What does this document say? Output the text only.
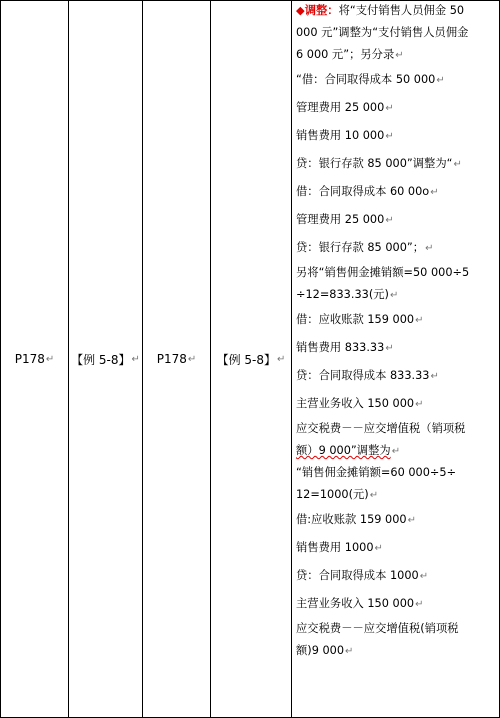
P178 ↵ 【例 5-8】 ↵ P178 ↵ 【例 5-8】 ↵
◆调整：将“支付销售人员佣金 50
000 元”调整为“支付销售人员佣金
6 000 元”；另分录↵
“借：合同取得成本 50 000↵
管理费用 25 000↵
销售费用 10 000↵
贷：银行存款 85 000”调整为“↵
借：合同取得成本 60 00o↵
管理费用 25 000↵
贷：银行存款 85 000”；↵
另将“销售佣金摊销额=50 000÷5
÷12=833.33(元)↵
借：应收账款 159 000↵
销售费用 833.33↵
贷：合同取得成本 833.33↵
主营业务收入 150 000↵
应交税费－－应交增值税（销项税
额）9 000”调整为↵
“销售佣金摊销额=60 000÷5÷
12=1000(元)↵
借:应收账款 159 000↵
销售费用 1000↵
贷：合同取得成本 1000↵
主营业务收入 150 000↵
应交税费－－应交增值税(销项税
额)9 000↵
